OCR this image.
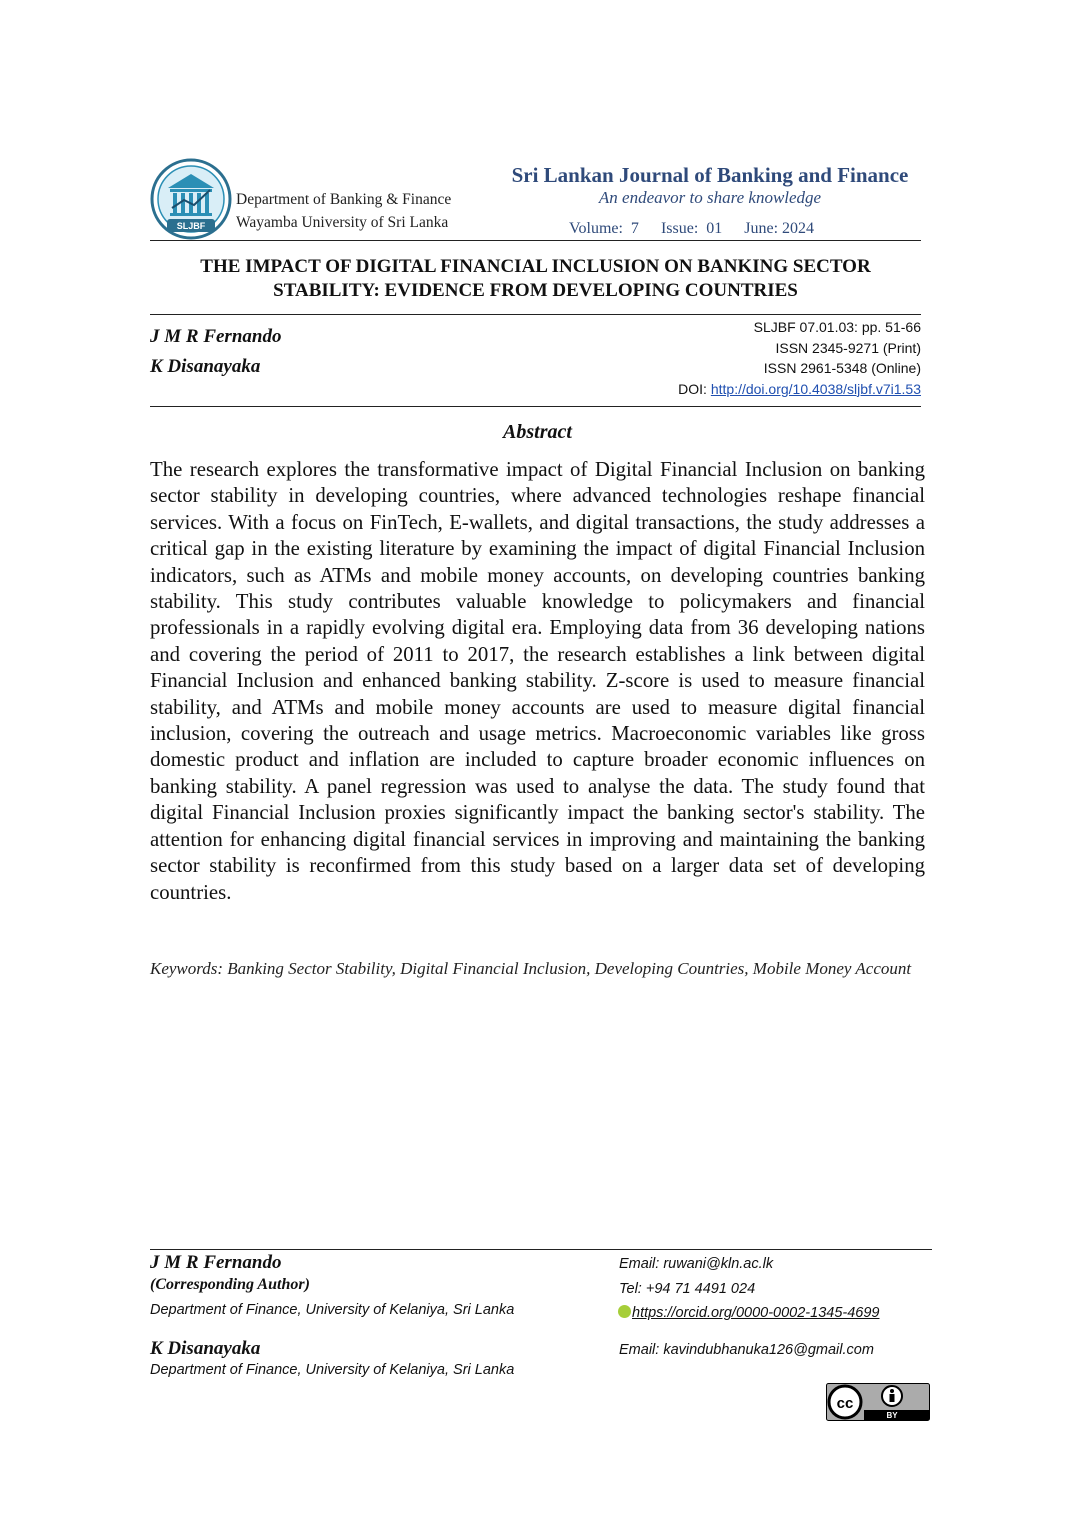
SLJBF
Department of Banking & Finance
Wayamba University of Sri Lanka
Sri Lankan Journal of Banking and Finance
An endeavor to share knowledge
Volume:  7 Issue:  01 June: 2024
THE IMPACT OF DIGITAL FINANCIAL INCLUSION ON BANKING SECTOR
STABILITY: EVIDENCE FROM DEVELOPING COUNTRIES
J M R Fernando
K Disanayaka
SLJBF 07.01.03: pp. 51-66
ISSN 2345-9271 (Print)
ISSN 2961-5348 (Online)
DOI: http://doi.org/10.4038/sljbf.v7i1.53
Abstract
The research explores the transformative impact of Digital Financial Inclusion on banking sector stability in developing countries, where advanced technologies reshape financial services. With a focus on FinTech, E-wallets, and digital transactions, the study addresses a critical gap in the existing literature by examining the impact of digital Financial Inclusion indicators, such as ATMs and mobile money accounts, on developing countries banking stability. This study contributes valuable knowledge to policymakers and financial professionals in a rapidly evolving digital era. Employing data from 36 developing nations and covering the period of 2011 to 2017, the research establishes a link between digital Financial Inclusion and enhanced banking stability. Z-score is used to measure financial stability, and ATMs and mobile money accounts are used to measure digital financial inclusion, covering the outreach and usage metrics. Macroeconomic variables like gross domestic product and inflation are included to capture broader economic influences on banking stability. A panel regression was used to analyse the data. The study found that digital Financial Inclusion proxies significantly impact the banking sector's stability. The attention for enhancing digital financial services in improving and maintaining the banking sector stability is reconfirmed from this study based on a larger data set of developing countries.
Keywords: Banking Sector Stability, Digital Financial Inclusion, Developing Countries, Mobile Money Account
J M R Fernando
(Corresponding Author)
Department of Finance, University of Kelaniya, Sri Lanka
K Disanayaka
Department of Finance, University of Kelaniya, Sri Lanka
Email: ruwani@kln.ac.lk
Tel: +94 71 4491 024
https://orcid.org/0000-0002-1345-4699
Email: kavindubhanuka126@gmail.com
cc
BY
